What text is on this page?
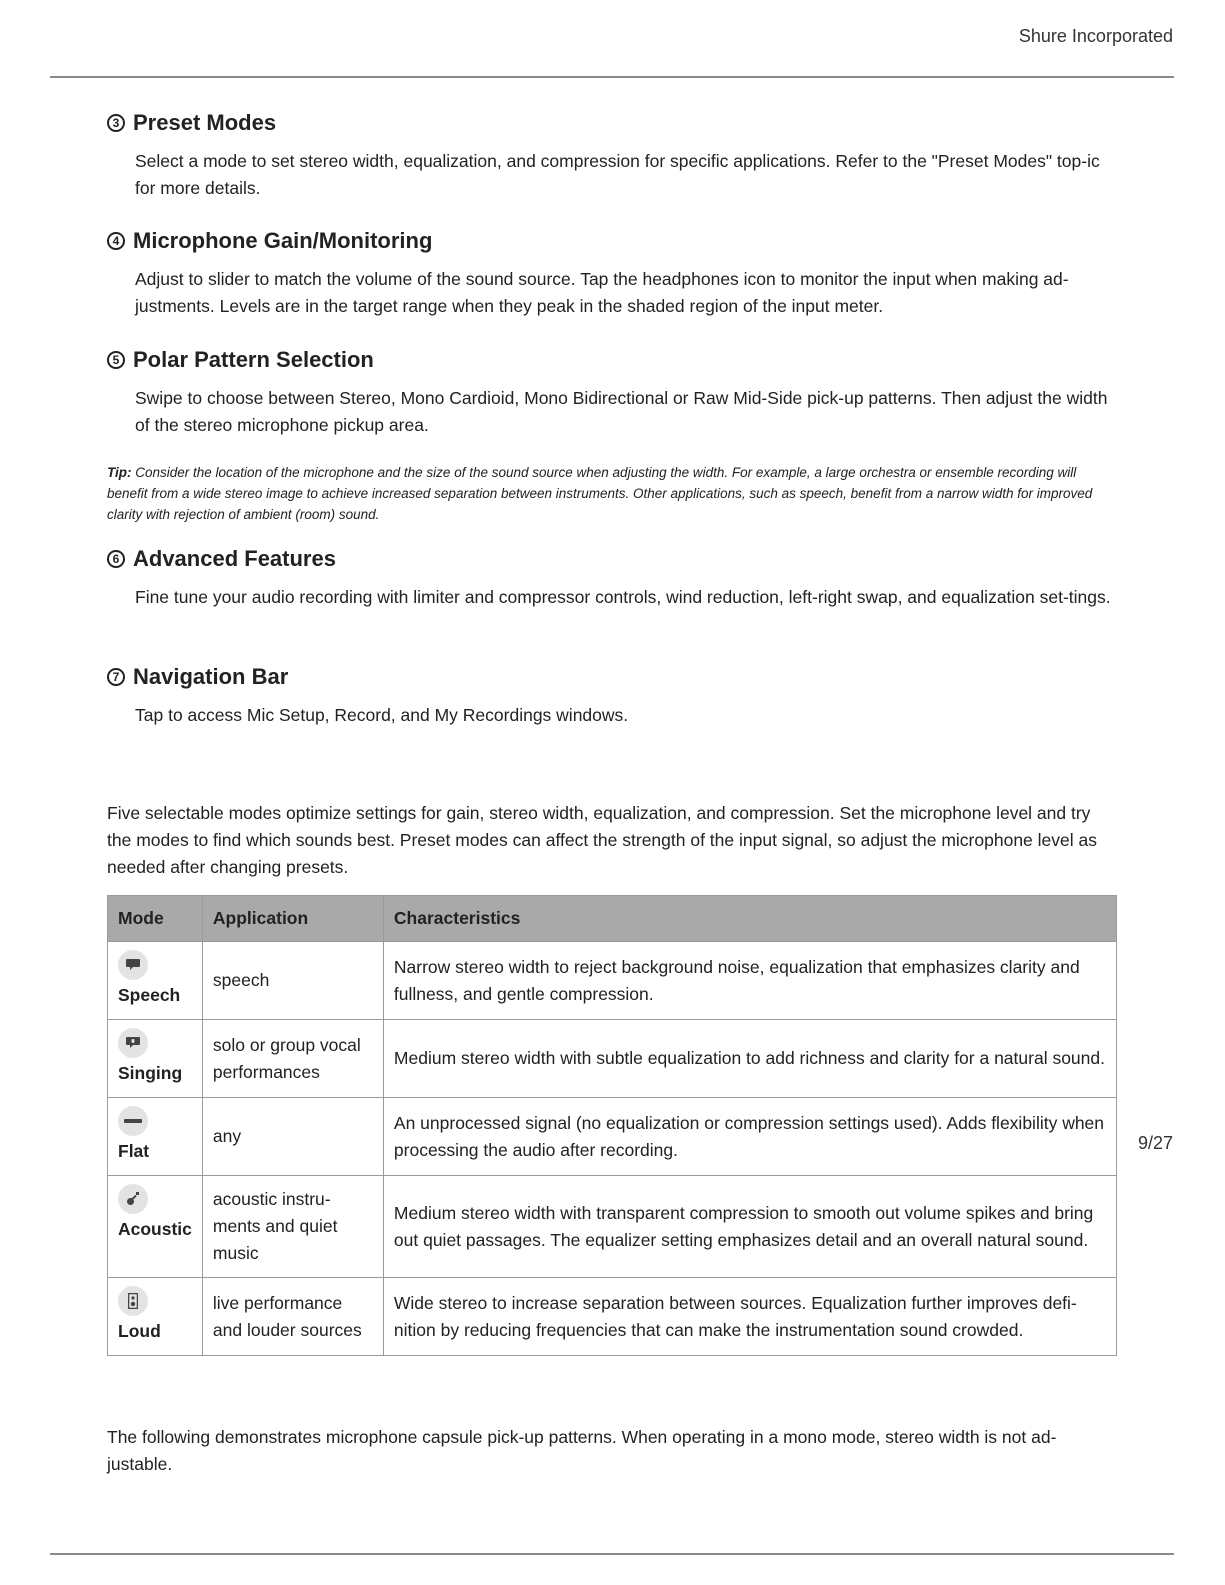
Shure Incorporated
3 Preset Modes
Select a mode to set stereo width, equalization, and compression for specific applications. Refer to the "Preset Modes" top-ic for more details.
4 Microphone Gain/Monitoring
Adjust to slider to match the volume of the sound source. Tap the headphones icon to monitor the input when making ad-justments. Levels are in the target range when they peak in the shaded region of the input meter.
5 Polar Pattern Selection
Swipe to choose between Stereo, Mono Cardioid, Mono Bidirectional or Raw Mid-Side pick-up patterns. Then adjust the width of the stereo microphone pickup area.
Tip: Consider the location of the microphone and the size of the sound source when adjusting the width. For example, a large orchestra or ensemble recording will benefit from a wide stereo image to achieve increased separation between instruments. Other applications, such as speech, benefit from a narrow width for improved clarity with rejection of ambient (room) sound.
6 Advanced Features
Fine tune your audio recording with limiter and compressor controls, wind reduction, left-right swap, and equalization set-tings.
7 Navigation Bar
Tap to access Mic Setup, Record, and My Recordings windows.
Five selectable modes optimize settings for gain, stereo width, equalization, and compression. Set the microphone level and try the modes to find which sounds best. Preset modes can affect the strength of the input signal, so adjust the microphone level as needed after changing presets.
Mode	Application	Characteristics

Speech	speech	Narrow stereo width to reject background noise, equalization that emphasizes clarity and fullness, and gentle compression.

Singing	solo or group vocal performances	Medium stereo width with subtle equalization to add richness and clarity for a natural sound.

Flat	any	An unprocessed signal (no equalization or compression settings used). Adds flexibility when processing the audio after recording.

Acoustic	acoustic instru-ments and quiet music	Medium stereo width with transparent compression to smooth out volume spikes and bring out quiet passages. The equalizer setting emphasizes detail and an overall natural sound.

Loud	live performance and louder sources	Wide stereo to increase separation between sources. Equalization further improves defi-nition by reducing frequencies that can make the instrumentation sound crowded.
The following demonstrates microphone capsule pick-up patterns. When operating in a mono mode, stereo width is not ad-justable.
9/27
